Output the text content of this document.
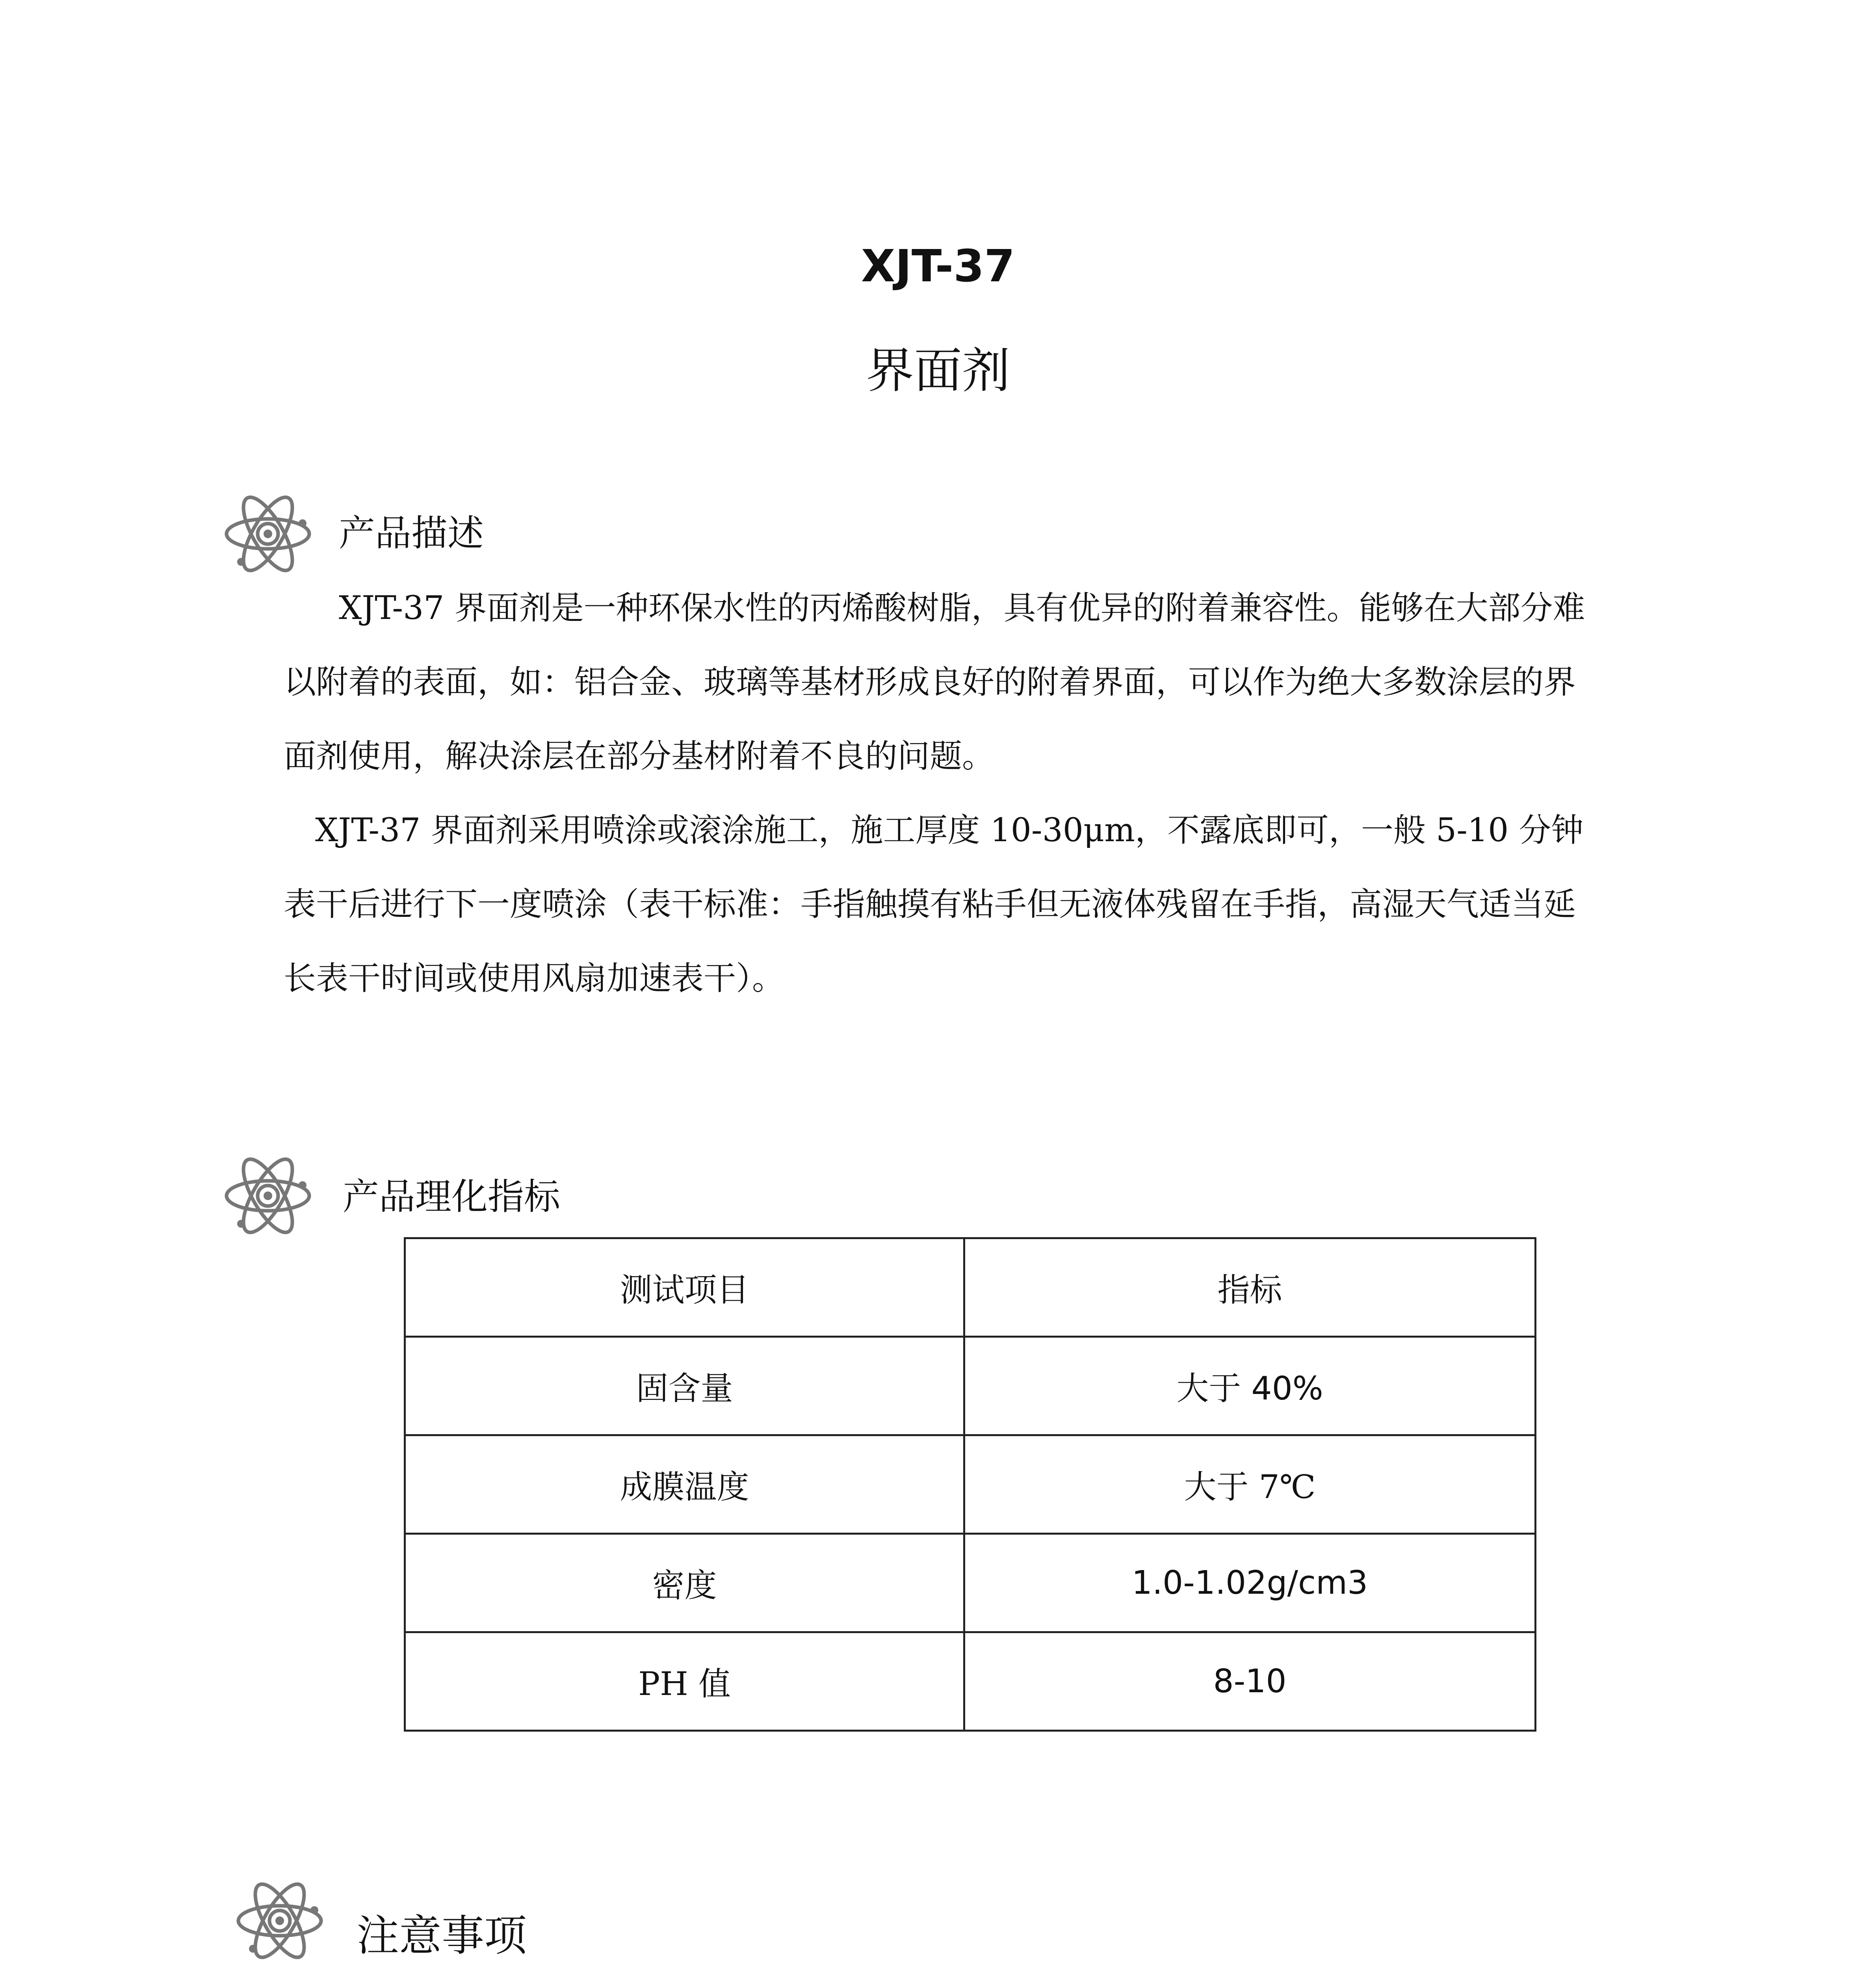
XJT-37
界面剂
产品描述

XJT-37 界面剂是一种环保水性的丙烯酸树脂，具有优异的附着兼容性。能够在大部分难以附着的表面，如：铝合金、玻璃等基材形成良好的附着界面，可以作为绝大多数涂层的界面剂使用，解决涂层在部分基材附着不良的问题。

XJT-37 界面剂采用喷涂或滚涂施工，施工厚度 10-30μm，不露底即可，一般 5-10 分钟表干后进行下一度喷涂（表干标准：手指触摸有粘手但无液体残留在手指，高湿天气适当延长表干时间或使用风扇加速表干）。

产品理化指标
测试项目	指标
固含量	大于 40%
成膜温度	大于 7℃
密度	1.0-1.02g/cm3
PH 值	8-10
注意事项
